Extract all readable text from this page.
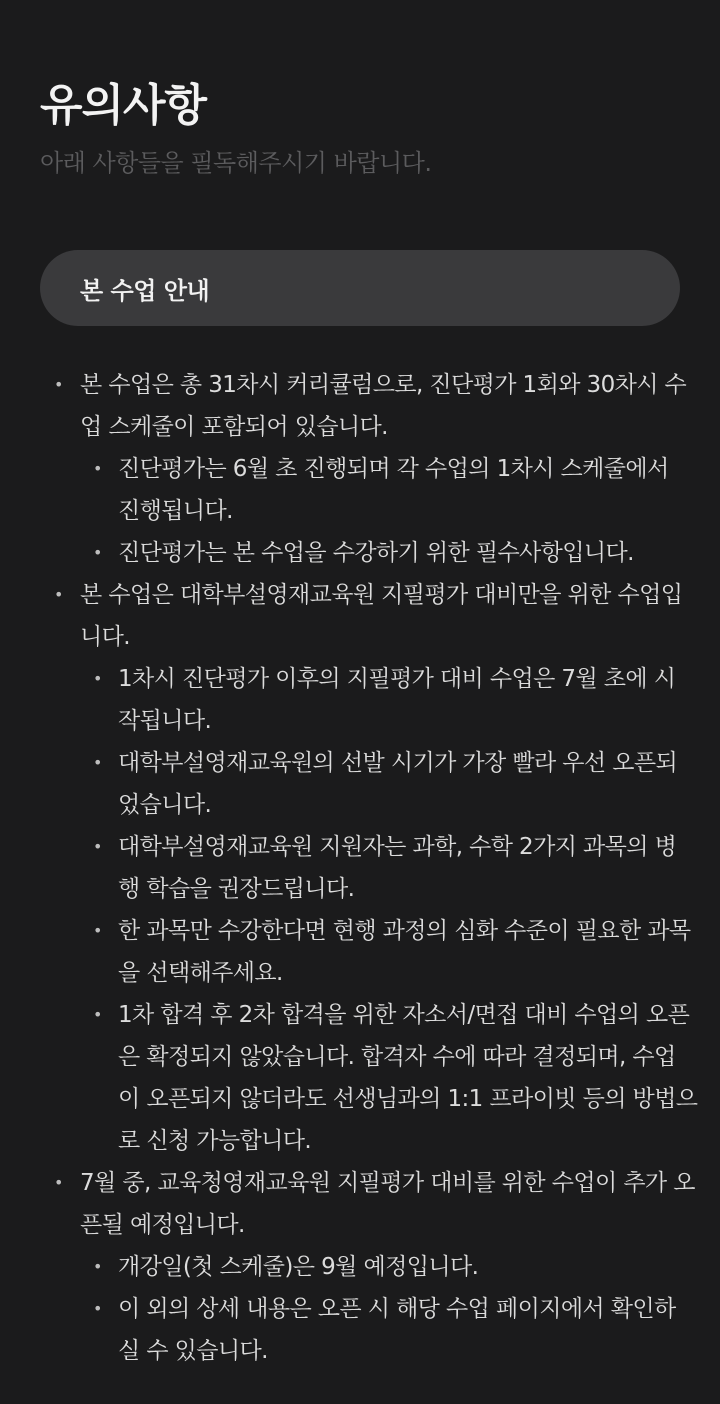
유의사항
아래 사항들을 필독해주시기 바랍니다.
본 수업 안내
• 본 수업은 총 31차시 커리큘럼으로, 진단평가 1회와 30차시 수
업 스케줄이 포함되어 있습니다.
• 진단평가는 6월 초 진행되며 각 수업의 1차시 스케줄에서
진행됩니다.
• 진단평가는 본 수업을 수강하기 위한 필수사항입니다.
• 본 수업은 대학부설영재교육원 지필평가 대비만을 위한 수업입
니다.
• 1차시 진단평가 이후의 지필평가 대비 수업은 7월 초에 시
작됩니다.
• 대학부설영재교육원의 선발 시기가 가장 빨라 우선 오픈되
었습니다.
• 대학부설영재교육원 지원자는 과학, 수학 2가지 과목의 병
행 학습을 권장드립니다.
• 한 과목만 수강한다면 현행 과정의 심화 수준이 필요한 과목
을 선택해주세요.
• 1차 합격 후 2차 합격을 위한 자소서/면접 대비 수업의 오픈
은 확정되지 않았습니다. 합격자 수에 따라 결정되며, 수업
이 오픈되지 않더라도 선생님과의 1:1 프라이빗 등의 방법으
로 신청 가능합니다.
• 7월 중, 교육청영재교육원 지필평가 대비를 위한 수업이 추가 오
픈될 예정입니다.
• 개강일(첫 스케줄)은 9월 예정입니다.
• 이 외의 상세 내용은 오픈 시 해당 수업 페이지에서 확인하
실 수 있습니다.
